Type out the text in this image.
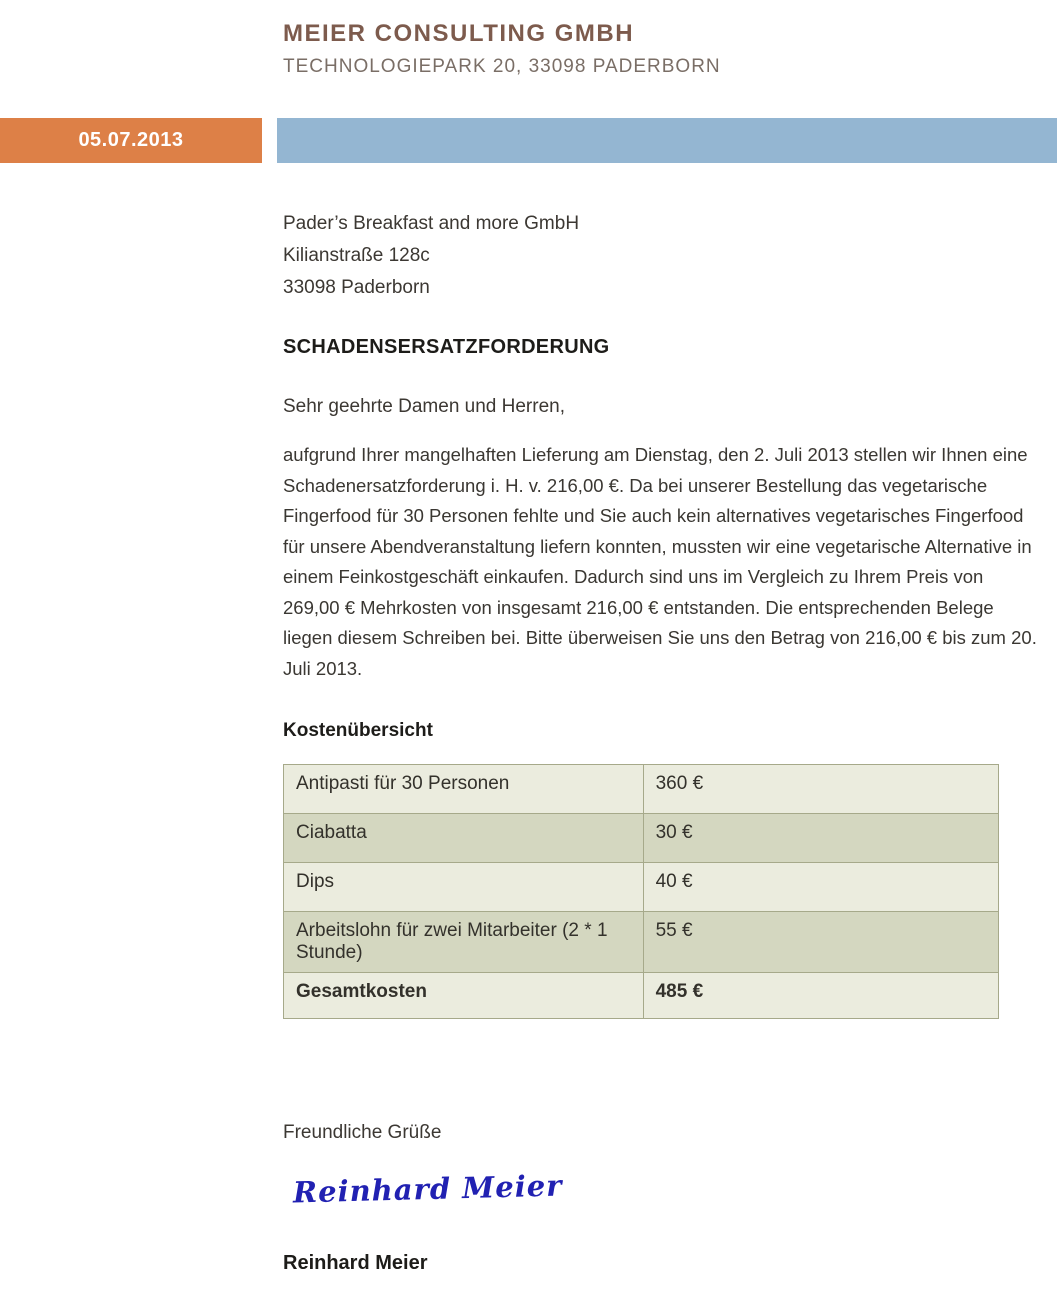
MEIER CONSULTING GMBH
TECHNOLOGIEPARK 20, 33098 PADERBORN
05.07.2013
Pader’s Breakfast and more GmbH
Kilianstraße 128c
33098 Paderborn
SCHADENSERSATZFORDERUNG
Sehr geehrte Damen und Herren,
aufgrund Ihrer mangelhaften Lieferung am Dienstag, den 2. Juli 2013 stellen wir Ihnen eine Schadenersatzforderung i. H. v. 216,00 €. Da bei unserer Bestellung das vegetarische Fingerfood für 30 Personen fehlte und Sie auch kein alternatives vegetarisches Fingerfood für unsere Abendveranstaltung liefern konnten, mussten wir eine vegetarische Alternative in einem Feinkostgeschäft einkaufen. Dadurch sind uns im Vergleich zu Ihrem Preis von 269,00 € Mehrkosten von insgesamt 216,00 € entstanden. Die entsprechenden Belege liegen diesem Schreiben bei. Bitte überweisen Sie uns den Betrag von 216,00 € bis zum 20. Juli 2013.
Kostenübersicht
Antipasti für 30 Personen	360 €
Ciabatta	30 €
Dips	40 €
Arbeitslohn für zwei Mitarbeiter (2 * 1 Stunde)	55 €
Gesamtkosten	485 €
Freundliche Grüße
Reinhard Meier
Reinhard Meier
